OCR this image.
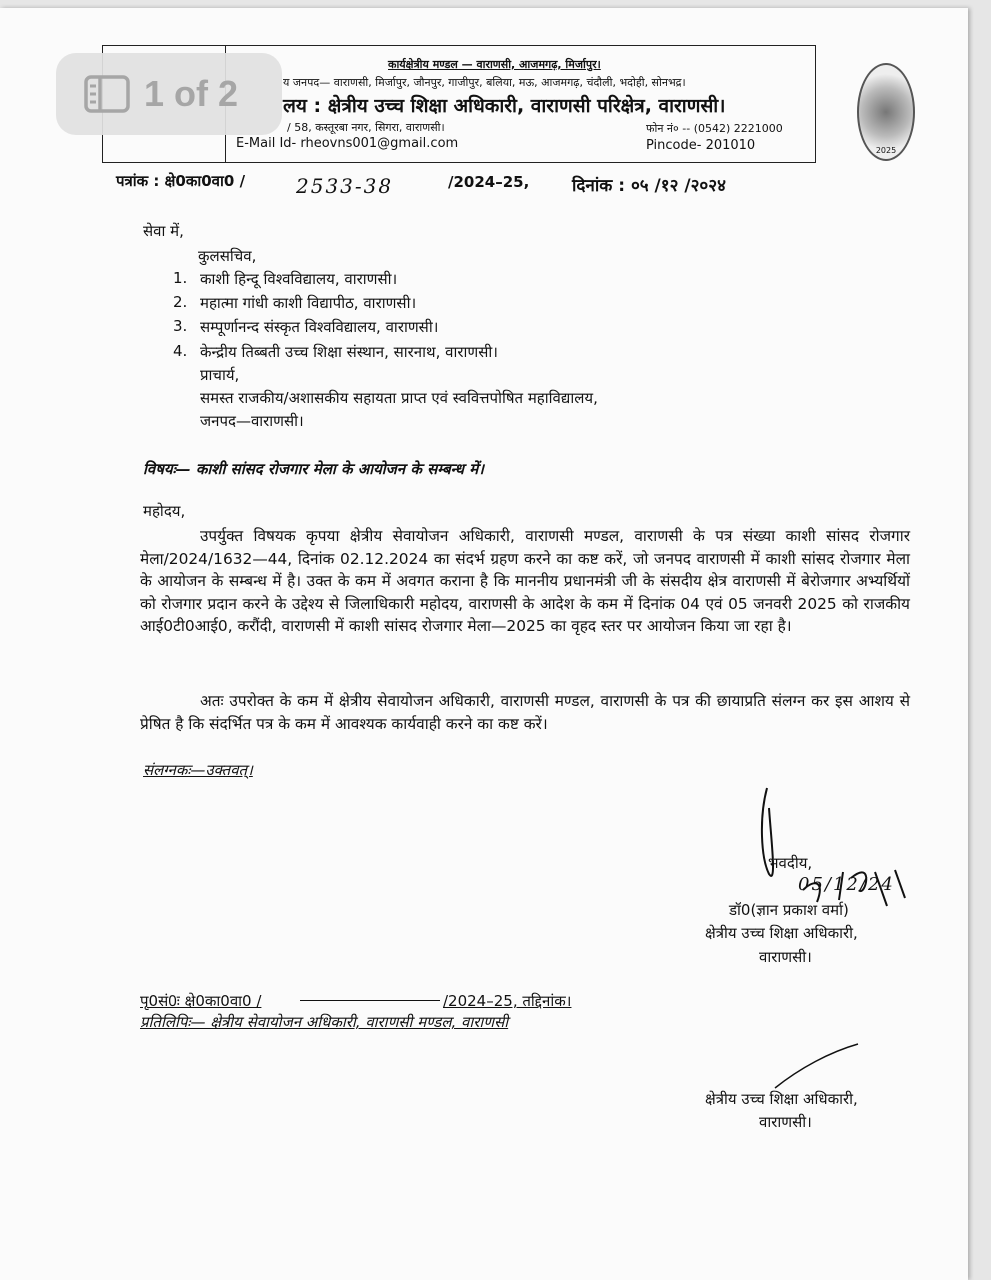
कार्यक्षेत्रीय मण्डल — वाराणसी, आजमगढ़, मिर्जापुर।
य जनपद— वाराणसी, मिर्जापुर, जौनपुर, गाजीपुर, बलिया, मऊ, आजमगढ़, चंदौली, भदोही, सोनभद्र।
लय : क्षेत्रीय उच्च शिक्षा अधिकारी, वाराणसी परिक्षेत्र, वाराणसी।
/ 58, कस्तूरबा नगर, सिगरा, वाराणसी।	फोन नं० -- (0542) 2221000
E-Mail Id- rheovns001@gmail.com	Pincode- 201010	2025
पत्रांक : क्षे0का0वा0 /	2533-38	/2024–25,	दिनांक : ०५ /१२ /२०२४
सेवा में,
कुलसचिव,
1. काशी हिन्दू विश्वविद्यालय, वाराणसी।
2. महात्मा गांधी काशी विद्यापीठ, वाराणसी।
3. सम्पूर्णानन्द संस्कृत विश्वविद्यालय, वाराणसी।
4. केन्द्रीय तिब्बती उच्च शिक्षा संस्थान, सारनाथ, वाराणसी।
प्राचार्य,
समस्त राजकीय/अशासकीय सहायता प्राप्त एवं स्ववित्तपोषित महाविद्यालय,
जनपद—वाराणसी।
विषयः— काशी सांसद रोजगार मेला के आयोजन के सम्बन्ध में।
महोदय,
उपर्युक्त विषयक कृपया क्षेत्रीय सेवायोजन अधिकारी, वाराणसी मण्डल, वाराणसी के पत्र संख्या काशी सांसद रोजगार मेला/2024/1632—44, दिनांक 02.12.2024 का संदर्भ ग्रहण करने का कष्ट करें, जो जनपद वाराणसी में काशी सांसद रोजगार मेला के आयोजन के सम्बन्ध में है। उक्त के कम में अवगत कराना है कि माननीय प्रधानमंत्री जी के संसदीय क्षेत्र वाराणसी में बेरोजगार अभ्यर्थियों को रोजगार प्रदान करने के उद्देश्य से जिलाधिकारी महोदय, वाराणसी के आदेश के कम में दिनांक 04 एवं 05 जनवरी 2025 को राजकीय आई0टी0आई0, करौंदी, वाराणसी में काशी सांसद रोजगार मेला—2025 का वृहद स्तर पर आयोजन किया जा रहा है।
अतः उपरोक्त के कम में क्षेत्रीय सेवायोजन अधिकारी, वाराणसी मण्डल, वाराणसी के पत्र की छायाप्रति संलग्न कर इस आशय से प्रेषित है कि संदर्भित पत्र के कम में आवश्यक कार्यवाही करने का कष्ट करें।
संलग्नकः—उक्तवत्।
भवदीय,
05/12/24
डॉ0(ज्ञान प्रकाश वर्मा)
क्षेत्रीय उच्च शिक्षा अधिकारी,
वाराणसी।
पृ0सं0ः क्षे0का0वा0 /	/2024–25, तद्दिनांक।
प्रतिलिपिः— क्षेत्रीय सेवायोजन अधिकारी, वाराणसी मण्डल, वाराणसी
क्षेत्रीय उच्च शिक्षा अधिकारी,
वाराणसी।
1 of 2
